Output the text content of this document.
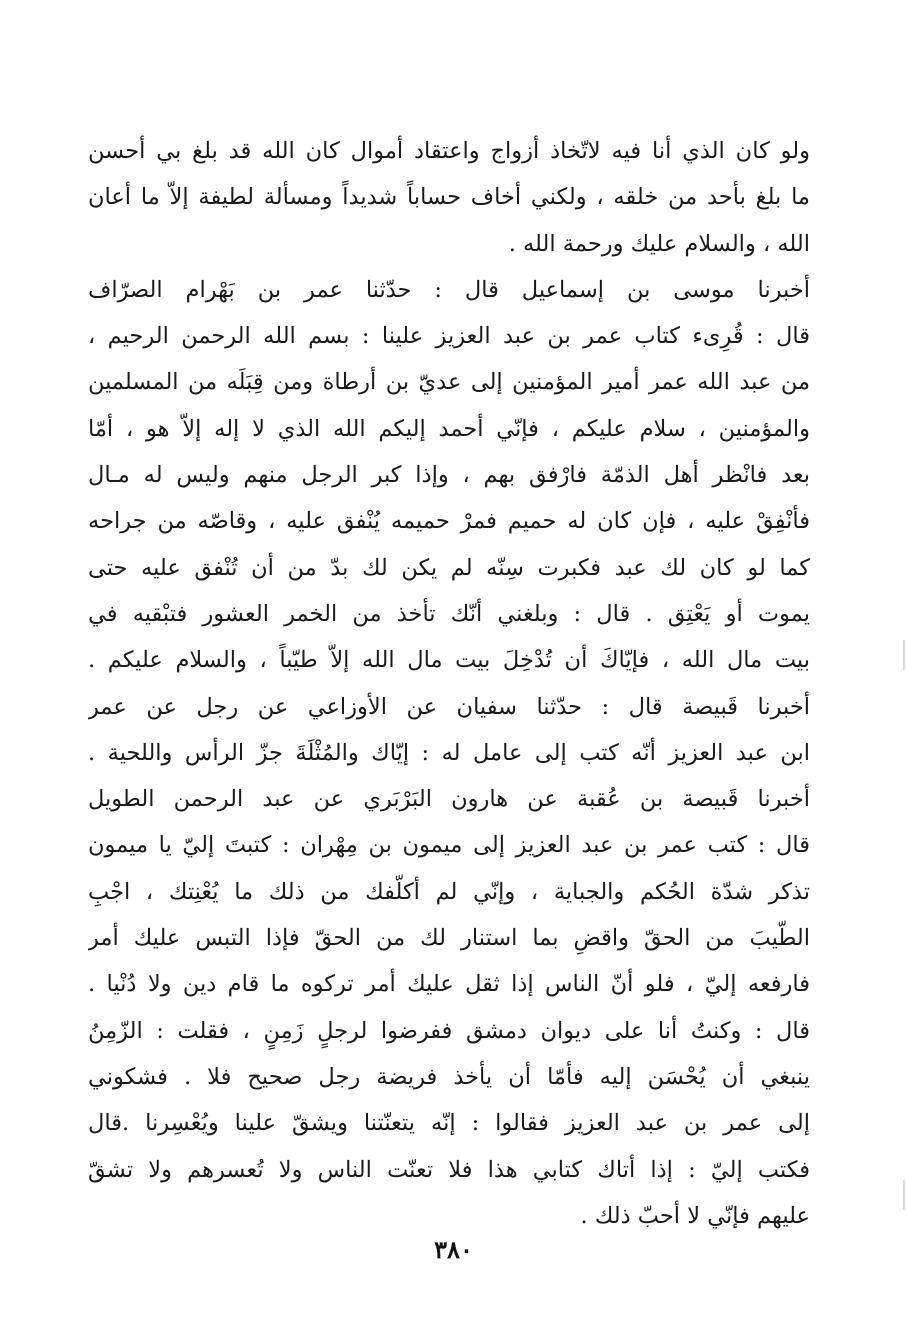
ولو كان الذي أنا فيه لاتّخاذ أزواج واعتقاد أموال كان الله قد بلغ بي أحسن
ما بلغ بأحد من خلقه ، ولكني أخاف حساباً شديداً ومسألة لطيفة إلاّ ما أعان
الله ، والسلام عليك ورحمة الله .
أخبرنا موسى بن إسماعيل قال : حدّثنا عمر بن بَهْرام الصرّاف
قال : قُرِىء كتاب عمر بن عبد العزيز علينا : بسم الله الرحمن الرحيم ،
من عبد الله عمر أمير المؤمنين إلى عديّ بن أرطاة ومن قِبَلَه من المسلمين
والمؤمنين ، سلام عليكم ، فإنّي أحمد إليكم الله الذي لا إله إلاّ هو ، أمّا
بعد فانْظر أهل الذمّة فارْفق بهم ، وإذا كبر الرجل منهم وليس له مـال
فأنْفِقْ عليه ، فإن كان له حميم فمرْ حميمه يُنْفق عليه ، وقاصّه من جراحه
كما لو كان لك عبد فكبرت سِنّه لم يكن لك بدّ من أن تُنْفق عليه حتى
يموت أو يَعْتِق . قال : وبلغني أنّك تأخذ من الخمر العشور فتبْقيه في
بيت مال الله ، فإيّاكَ أن تُدْخِلَ بيت مال الله إلاّ طيّباً ، والسلام عليكم .
أخبرنا قَبيصة قال : حدّثنا سفيان عن الأوزاعي عن رجل عن عمر
ابن عبد العزيز أنّه كتب إلى عامل له : إيّاك والمُثْلَةَ جزّ الرأس واللحية .
أخبرنا قَبيصة بن عُقبة عن هارون البَرْبَري عن عبد الرحمن الطويل
قال : كتب عمر بن عبد العزيز إلى ميمون بن مِهْران : كتبتَ إليّ يا ميمون
تذكر شدّة الحُكم والجباية ، وإنّي لم أكلّفك من ذلك ما يُعْنِتك ، اجْبِ
الطّيبَ من الحقّ واقضِ بما استنار لك من الحقّ فإذا التبس عليك أمر
فارفعه إليّ ، فلو أنّ الناس إذا ثقل عليك أمر تركوه ما قام دين ولا دُنْيا .
قال : وكنتُ أنا على ديوان دمشق ففرضوا لرجلٍ زَمِنٍ ، فقلت : الزّمِنُ
ينبغي أن يُحْسَن إليه فأمّا أن يأخذ فريضة رجل صحيح فلا . فشكوني
إلى عمر بن عبد العزيز فقالوا : إنّه يتعنّتنا ويشقّ علينا ويُعْسِرنا .قال
فكتب إليّ : إذا أتاك كتابي هذا فلا تعنّت الناس ولا تُعسرهم ولا تشقّ
عليهم فإنّي لا أحبّ ذلك .
٣٨٠
